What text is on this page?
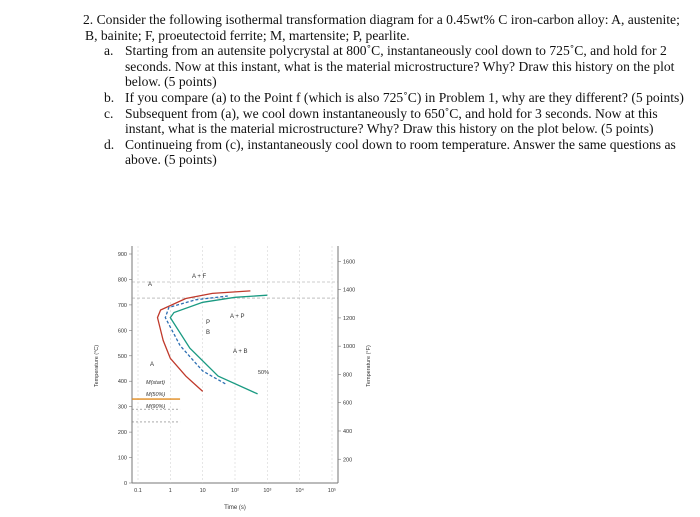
2. Consider the following isothermal transformation diagram for a 0.45wt% C iron-carbon alloy: A, austenite; B, bainite; F, proeutectoid ferrite; M, martensite; P, pearlite.

a. Starting from an autensite polycrystal at 800˚C, instantaneously cool down to 725˚C, and hold for 2 seconds. Now at this instant, what is the material microstructure? Why? Draw this history on the plot below. (5 points)
b. If you compare (a) to the Point f (which is also 725˚C) in Problem 1, why are they different? (5 points)
c. Subsequent from (a), we cool down instantaneously to 650˚C, and hold for 3 seconds. Now at this instant, what is the material microstructure? Why? Draw this history on the plot below. (5 points)
d. Continueing from (c), instantaneously cool down to room temperature. Answer the same questions as above. (5 points)
0.1	1	10	10²	10³	10⁴	10⁵
0
100
200
300
400
500
600
700
800
900
200
400
600
800
1000
1200
1400
1600
A
A + F
A + P
P
B
A + B
A
50%
M(start)
M(50%)
M(90%)
Temperature (°C)	Temperature (°F)
Time (s)
